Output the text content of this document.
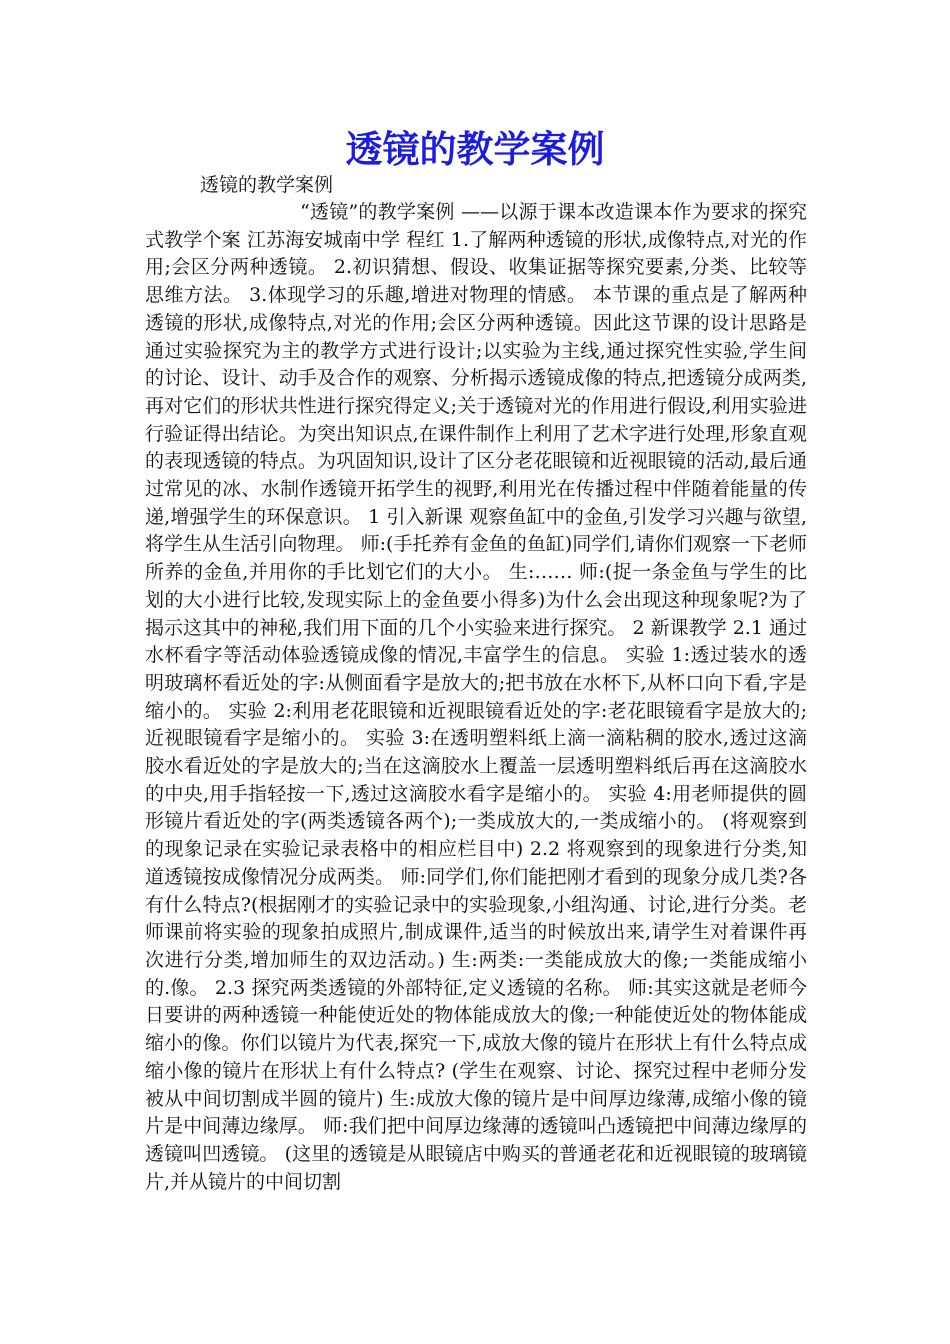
透镜的教学案例

透镜的教学案例

“透镜”的教学案例 ——以源于课本改造课本作为要求的探究式教学个案 江苏海安城南中学 程红 1.了解两种透镜的形状,成像特点,对光的作用;会区分两种透镜。 2.初识猜想、假设、收集证据等探究要素,分类、比较等思维方法。 3.体现学习的乐趣,增进对物理的情感。 本节课的重点是了解两种透镜的形状,成像特点,对光的作用;会区分两种透镜。因此这节课的设计思路是通过实验探究为主的教学方式进行设计;以实验为主线,通过探究性实验,学生间的讨论、设计、动手及合作的观察、分析揭示透镜成像的特点,把透镜分成两类,再对它们的形状共性进行探究得定义;关于透镜对光的作用进行假设,利用实验进行验证得出结论。为突出知识点,在课件制作上利用了艺术字进行处理,形象直观的表现透镜的特点。为巩固知识,设计了区分老花眼镜和近视眼镜的活动,最后通过常见的冰、水制作透镜开拓学生的视野,利用光在传播过程中伴随着能量的传递,增强学生的环保意识。 1 引入新课 观察鱼缸中的金鱼,引发学习兴趣与欲望,将学生从生活引向物理。 师:(手托养有金鱼的鱼缸)同学们,请你们观察一下老师所养的金鱼,并用你的手比划它们的大小。 生:…… 师:(捉一条金鱼与学生的比划的大小进行比较,发现实际上的金鱼要小得多)为什么会出现这种现象呢?为了揭示这其中的神秘,我们用下面的几个小实验来进行探究。 2 新课教学 2.1 通过水杯看字等活动体验透镜成像的情况,丰富学生的信息。 实验 1:透过装水的透明玻璃杯看近处的字:从侧面看字是放大的;把书放在水杯下,从杯口向下看,字是缩小的。 实验 2:利用老花眼镜和近视眼镜看近处的字:老花眼镜看字是放大的;近视眼镜看字是缩小的。 实验 3:在透明塑料纸上滴一滴粘稠的胶水,透过这滴胶水看近处的字是放大的;当在这滴胶水上覆盖一层透明塑料纸后再在这滴胶水的中央,用手指轻按一下,透过这滴胶水看字是缩小的。 实验 4:用老师提供的圆形镜片看近处的字(两类透镜各两个);一类成放大的,一类成缩小的。 (将观察到的现象记录在实验记录表格中的相应栏目中) 2.2 将观察到的现象进行分类,知道透镜按成像情况分成两类。 师:同学们,你们能把刚才看到的现象分成几类?各有什么特点?(根据刚才的实验记录中的实验现象,小组沟通、讨论,进行分类。老师课前将实验的现象拍成照片,制成课件,适当的时候放出来,请学生对着课件再次进行分类,增加师生的双边活动。) 生:两类:一类能成放大的像;一类能成缩小的.像。 2.3 探究两类透镜的外部特征,定义透镜的名称。 师:其实这就是老师今日要讲的两种透镜一种能使近处的物体能成放大的像;一种能使近处的物体能成缩小的像。你们以镜片为代表,探究一下,成放大像的镜片在形状上有什么特点成缩小像的镜片在形状上有什么特点? (学生在观察、讨论、探究过程中老师分发被从中间切割成半圆的镜片) 生:成放大像的镜片是中间厚边缘薄,成缩小像的镜片是中间薄边缘厚。 师:我们把中间厚边缘薄的透镜叫凸透镜把中间薄边缘厚的透镜叫凹透镜。 (这里的透镜是从眼镜店中购买的普通老花和近视眼镜的玻璃镜片,并从镜片的中间切割
